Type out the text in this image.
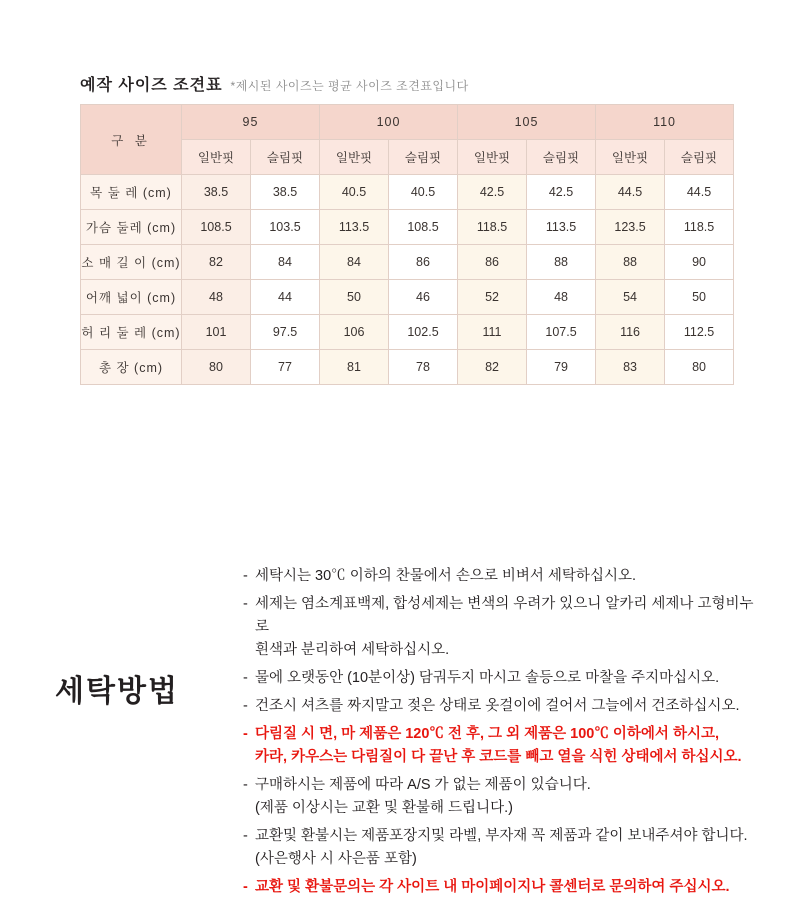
예작 사이즈 조견표 *제시된 사이즈는 평균 사이즈 조견표입니다
구 분	95		100		105		110	
	일반핏	슬림핏	일반핏	슬림핏	일반핏	슬림핏	일반핏	슬림핏
목 둘 레 (cm)	38.5	38.5	40.5	40.5	42.5	42.5	44.5	44.5
가슴 둘레 (cm)	108.5	103.5	113.5	108.5	118.5	113.5	123.5	118.5
소 매 길 이 (cm)	82	84	84	86	86	88	88	90
어깨 넓이 (cm)	48	44	50	46	52	48	54	50
허 리 둘 레 (cm)	101	97.5	106	102.5	111	107.5	116	112.5
총 장 (cm)	80	77	81	78	82	79	83	80
세탁방법
- 세탁시는 30℃ 이하의 찬물에서 손으로 비벼서 세탁하십시오.
- 세제는 염소계표백제, 합성세제는 변색의 우려가 있으니 알카리 세제나 고형비누로
흰색과 분리하여 세탁하십시오.
- 물에 오랫동안 (10분이상) 담궈두지 마시고 솔등으로 마찰을 주지마십시오.
- 건조시 셔츠를 짜지말고 젖은 상태로 옷걸이에 걸어서 그늘에서 건조하십시오.
- 다림질 시 면, 마 제품은 120℃ 전 후, 그 외 제품은 100℃ 이하에서 하시고,
카라, 카우스는 다림질이 다 끝난 후 코드를 빼고 열을 식힌 상태에서 하십시오.
- 구매하시는 제품에 따라 A/S 가 없는 제품이 있습니다.
(제품 이상시는 교환 및 환불해 드립니다.)
- 교환및 환불시는 제품포장지및 라벨, 부자재 꼭 제품과 같이 보내주셔야 합니다.
(사은행사 시 사은품 포함)
- 교환 및 환불문의는 각 사이트 내 마이페이지나 콜센터로 문의하여 주십시오.
